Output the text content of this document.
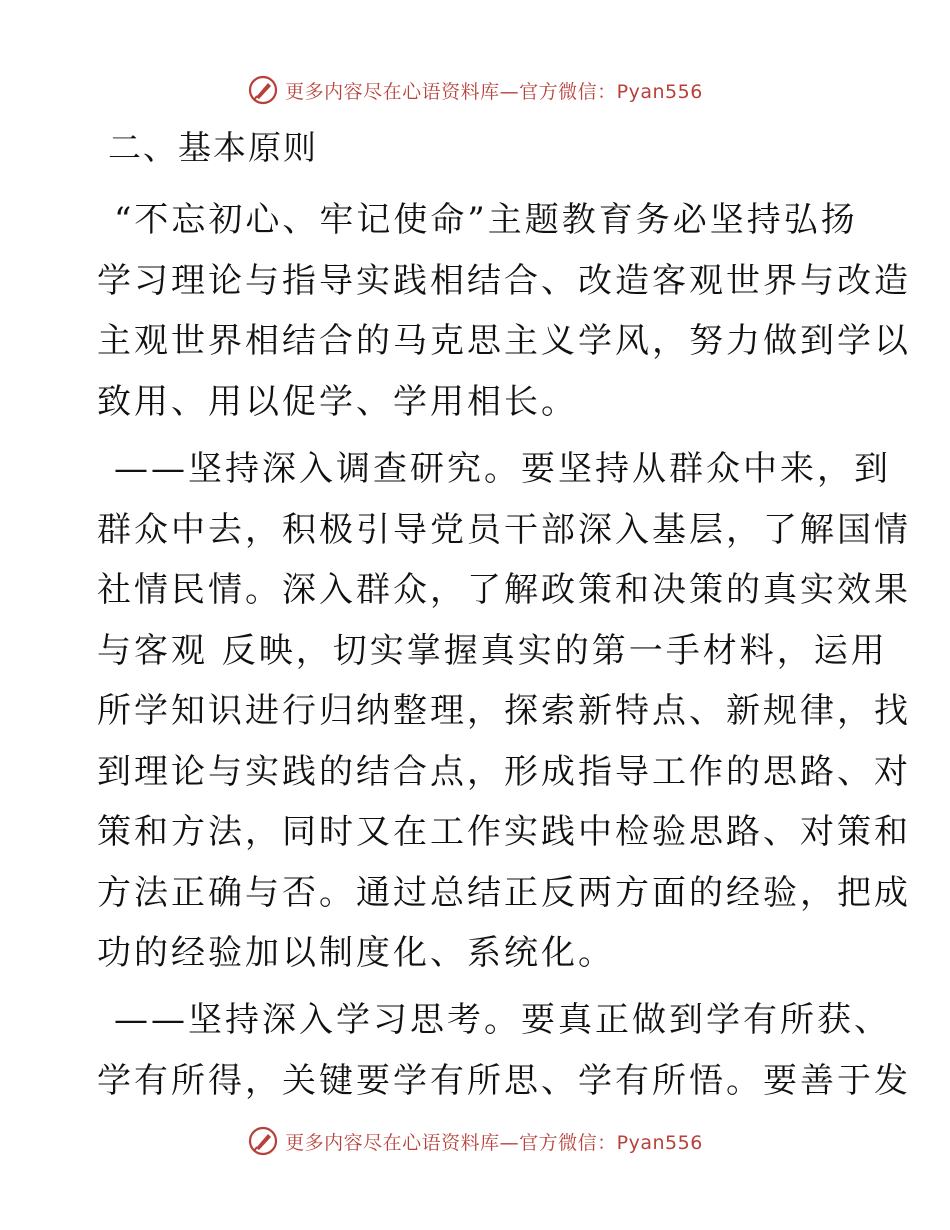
更多内容尽在心语资料库—官方微信：Pyan556
二、基本原则
“不忘初心、牢记使命”主题教育务必坚持弘扬
学习理论与指导实践相结合、改造客观世界与改造
主观世界相结合的马克思主义学风，努力做到学以
致用、用以促学、学用相长。
——坚持深入调查研究。要坚持从群众中来，到
群众中去，积极引导党员干部深入基层，了解国情
社情民情。深入群众，了解政策和决策的真实效果
与客观 反映，切实掌握真实的第一手材料，运用
所学知识进行归纳整理，探索新特点、新规律，找
到理论与实践的结合点，形成指导工作的思路、对
策和方法，同时又在工作实践中检验思路、对策和
方法正确与否。通过总结正反两方面的经验，把成
功的经验加以制度化、系统化。
——坚持深入学习思考。要真正做到学有所获、
学有所得，关键要学有所思、学有所悟。要善于发
更多内容尽在心语资料库—官方微信：Pyan556
